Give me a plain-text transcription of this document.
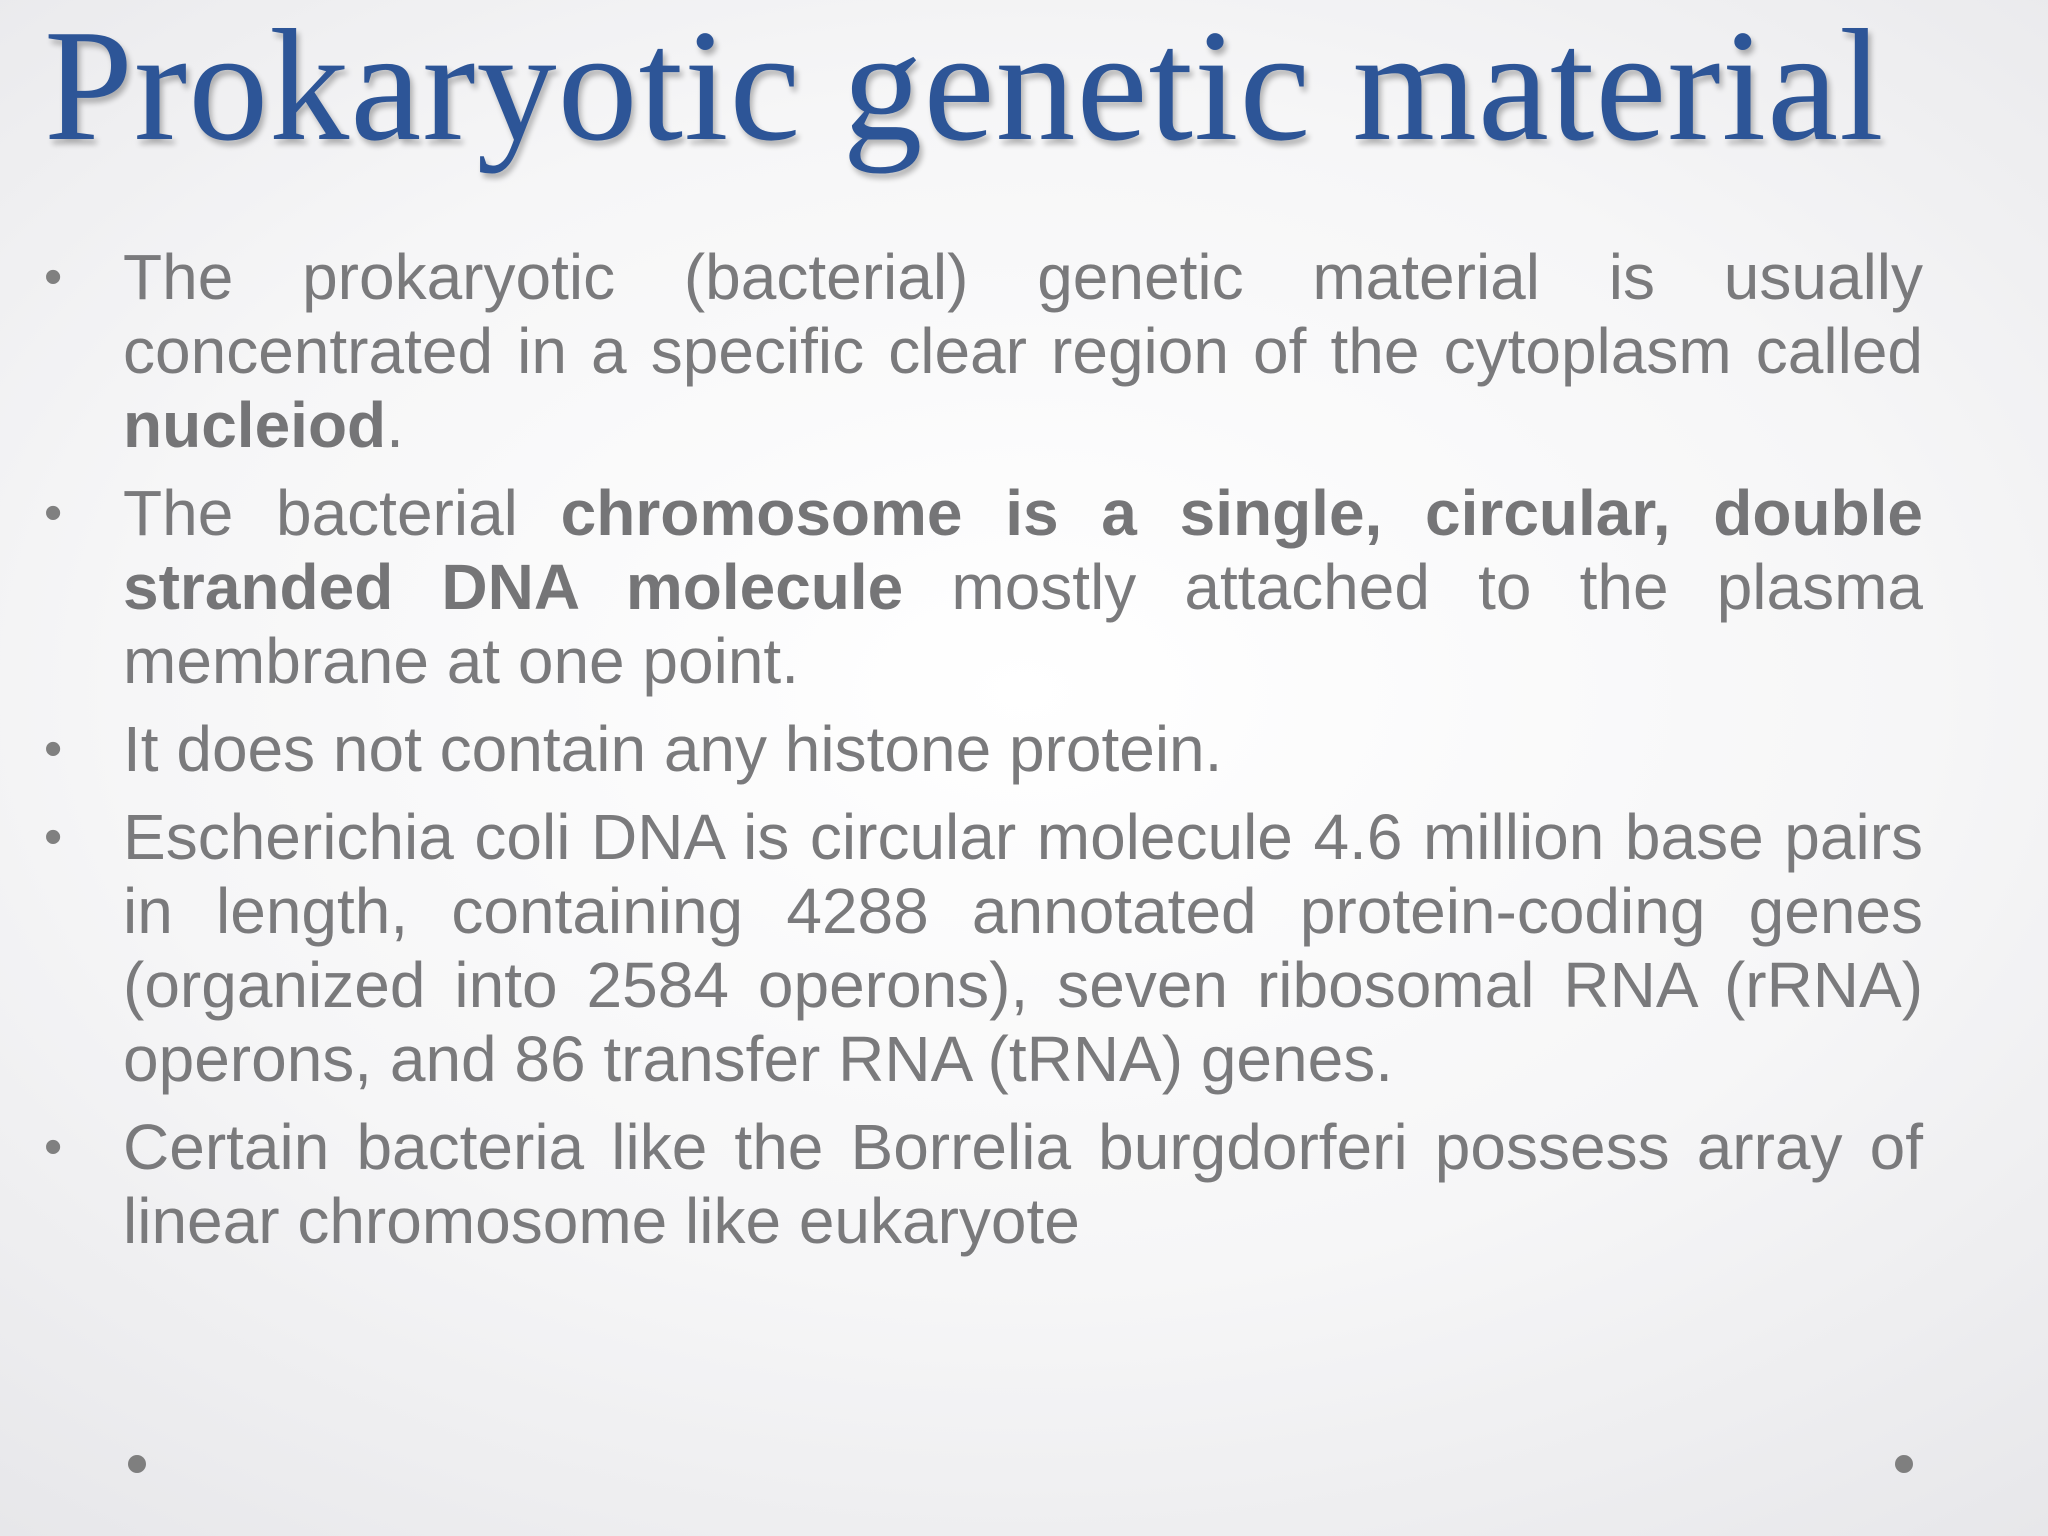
Prokaryotic genetic material
• The prokaryotic (bacterial) genetic material is usually concentrated in a specific clear region of the cytoplasm called nucleiod.
• The bacterial chromosome is a single, circular, double stranded DNA molecule mostly attached to the plasma membrane at one point.
• It does not contain any histone protein.
• Escherichia coli DNA is circular molecule 4.6 million base pairs in length, containing 4288 annotated protein-coding genes (organized into 2584 operons), seven ribosomal RNA (rRNA) operons, and 86 transfer RNA (tRNA) genes.
• Certain bacteria like the Borrelia burgdorferi possess array of linear chromosome like eukaryote
